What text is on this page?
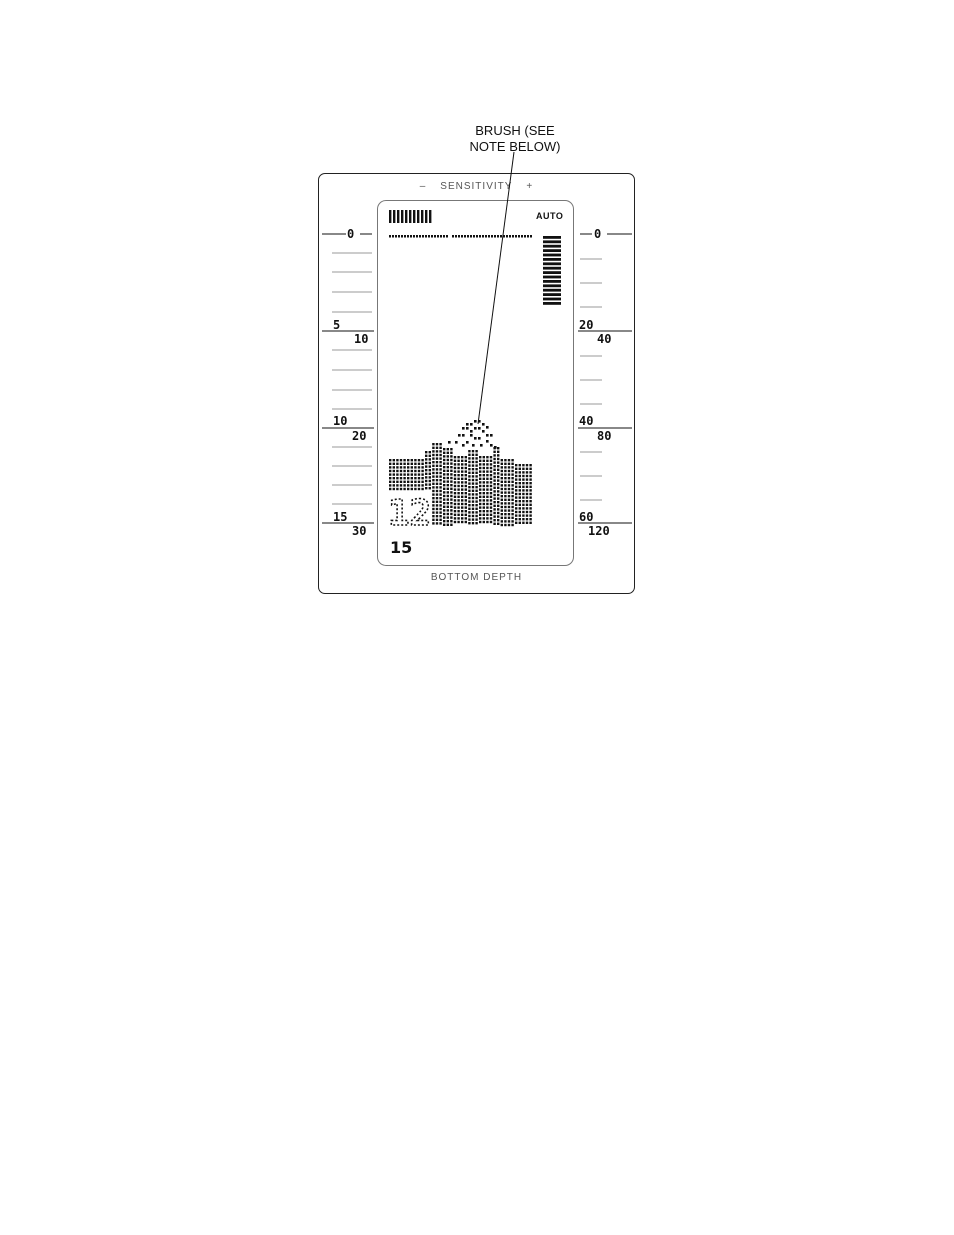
BRUSH (SEE
NOTE BELOW)
– SENSITIVITY +
BOTTOM DEPTH
AUTO
15
0
5
10
10
20
15
30
0
20
40
40
80
60
120
12
